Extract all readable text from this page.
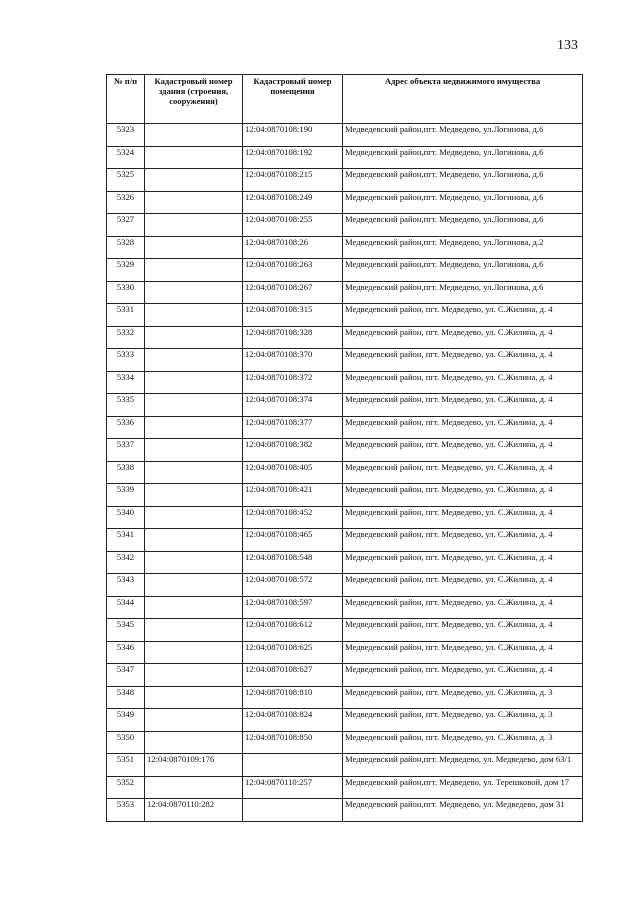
133
№ п/п	Кадастровый номер здания (строения, сооружения)	Кадастровый номер помещения	Адрес объекта недвижимого имущества
5323		12:04:0870108:190	Медведевский район,пгт. Медведево, ул.Логинова, д.6
5324		12:04:0870108:192	Медведевский район,пгт. Медведево, ул.Логинова, д.6
5325		12:04:0870108:215	Медведевский район,пгт. Медведево, ул.Логинова, д.6
5326		12:04:0870108:249	Медведевский район,пгт. Медведево, ул.Логинова, д.6
5327		12:04:0870108:255	Медведевский район,пгт. Медведево, ул.Логинова, д.6
5328		12:04:0870108:26	Медведевский район,пгт. Медведево, ул.Логинова, д.2
5329		12:04:0870108:263	Медведевский район,пгт. Медведево, ул.Логинова, д.6
5330		12:04:0870108:267	Медведевский район,пгт. Медведево, ул.Логинова, д.6
5331		12:04:0870108:315	Медведевский район, пгт. Медведево, ул. С.Жилина, д. 4
5332		12:04:0870108:328	Медведевский район, пгт. Медведево, ул. С.Жилина, д. 4
5333		12:04:0870108:370	Медведевский район, пгт. Медведево, ул. С.Жилина, д. 4
5334		12:04:0870108:372	Медведевский район, пгт. Медведево, ул. С.Жилина, д. 4
5335		12:04:0870108:374	Медведевский район, пгт. Медведево, ул. С.Жилина, д. 4
5336		12:04:0870108:377	Медведевский район, пгт. Медведево, ул. С.Жилина, д. 4
5337		12:04:0870108:382	Медведевский район, пгт. Медведево, ул. С.Жилина, д. 4
5338		12:04:0870108:405	Медведевский район, пгт. Медведево, ул. С.Жилина, д. 4
5339		12:04:0870108:421	Медведевский район, пгт. Медведево, ул. С.Жилина, д. 4
5340		12:04:0870108:452	Медведевский район, пгт. Медведево, ул. С.Жилина, д. 4
5341		12:04:0870108:465	Медведевский район, пгт. Медведево, ул. С.Жилина, д. 4
5342		12:04:0870108:548	Медведевский район, пгт. Медведево, ул. С.Жилина, д. 4
5343		12:04:0870108:572	Медведевский район, пгт. Медведево, ул. С.Жилина, д. 4
5344		12:04:0870108:597	Медведевский район, пгт. Медведево, ул. С.Жилина, д. 4
5345		12:04:0870108:612	Медведевский район, пгт. Медведево, ул. С.Жилина, д. 4
5346		12:04:0870108:625	Медведевский район, пгт. Медведево, ул. С.Жилина, д. 4
5347		12:04:0870108:627	Медведевский район, пгт. Медведево, ул. С.Жилина, д. 4
5348		12:04:0870108:810	Медведевский район, пгт. Медведево, ул. С.Жилина, д. 3
5349		12:04:0870108:824	Медведевский район, пгт. Медведево, ул. С.Жилина, д. 3
5350		12:04:0870108:850	Медведевский район, пгт. Медведево, ул. С.Жилина, д. 3
5351	12:04:0870109:176		Медведевский район,пгт. Медведево, ул. Медведево, дом 63/1
5352		12:04:0870110:257	Медведевский район,пгт. Медведево, ул. Терешковой, дом 17
5353	12:04:0870110:282		Медведевский район,пгт. Медведево, ул. Медведево, дом 31
